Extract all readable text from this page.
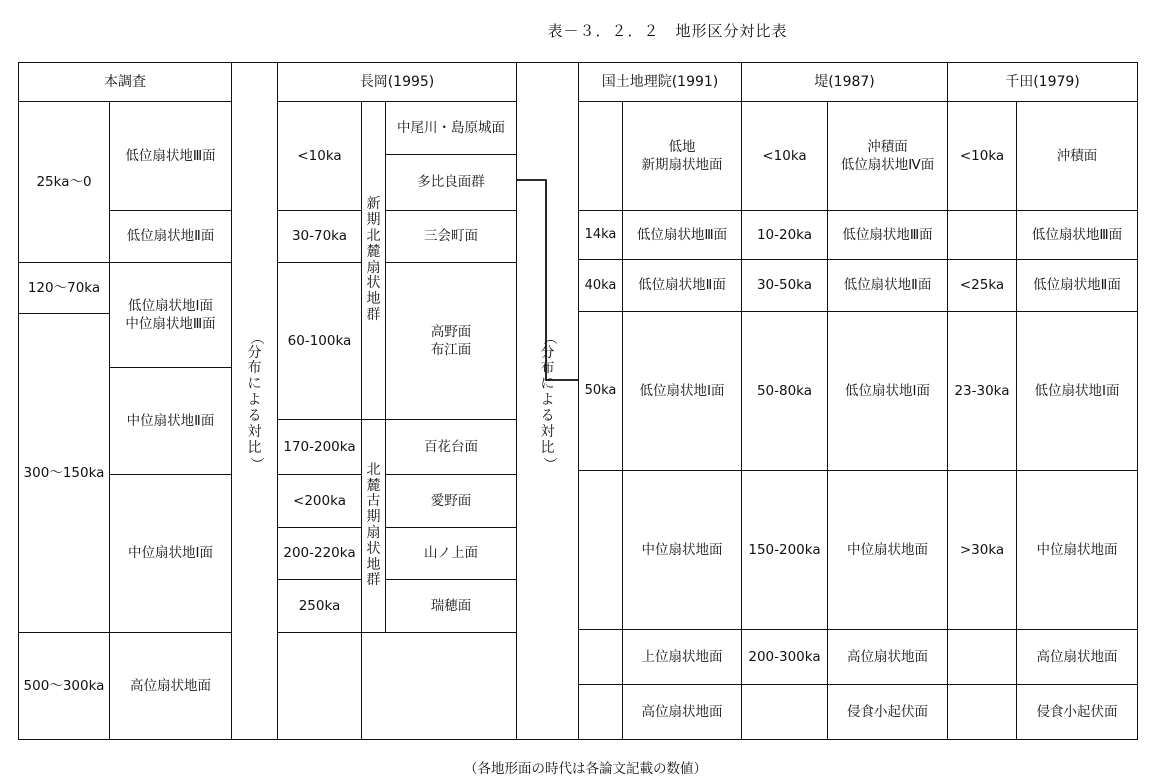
表－３．２．２　地形区分対比表
本調査
25ka～0
120～70ka
300～150ka
500～300ka
低位扇状地Ⅲ面
低位扇状地Ⅱ面
低位扇状地Ⅰ面
中位扇状地Ⅲ面
中位扇状地Ⅱ面
中位扇状地Ⅰ面
高位扇状地面
（
分
布
に
よ
る
対
比
）
長岡(1995)
<10ka
30-70ka
60-100ka
170-200ka
<200ka
200-220ka
250ka
新
期
北
麓
扇
状
地
群
北
麓
古
期
扇
状
地
群
中尾川・島原城面
多比良面群
三会町面
高野面
布江面
百花台面
愛野面
山ノ上面
瑞穂面
（
分
布
に
よ
る
対
比
）
国土地理院(1991)
14ka
40ka
50ka
低地
新期扇状地面
低位扇状地Ⅲ面
低位扇状地Ⅱ面
低位扇状地Ⅰ面
中位扇状地面
上位扇状地面
高位扇状地面
堤(1987)
<10ka
10-20ka
30-50ka
50-80ka
150-200ka
200-300ka
沖積面
低位扇状地Ⅳ面
低位扇状地Ⅲ面
低位扇状地Ⅱ面
低位扇状地Ⅰ面
中位扇状地面
高位扇状地面
侵食小起伏面
千田(1979)
<10ka
<25ka
23-30ka
>30ka
沖積面
低位扇状地Ⅲ面
低位扇状地Ⅱ面
低位扇状地Ⅰ面
中位扇状地面
高位扇状地面
侵食小起伏面
（各地形面の時代は各論文記載の数値）
